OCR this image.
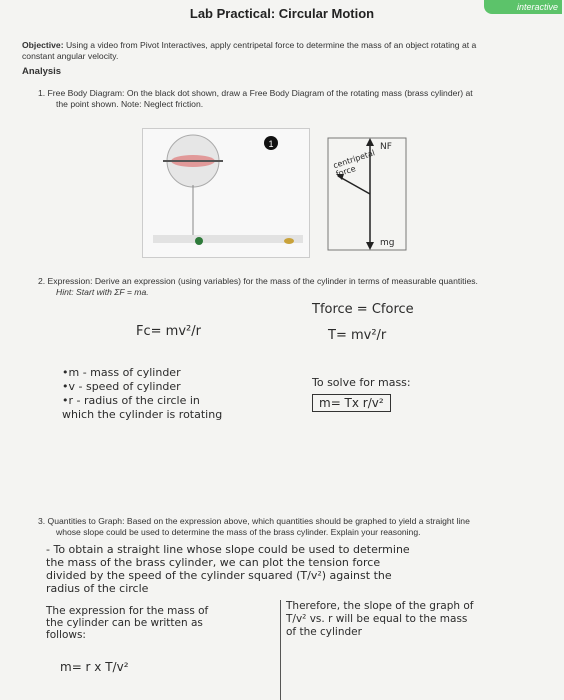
Lab Practical: Circular Motion	interactive
Objective: Using a video from Pivot Interactives, apply centripetal force to determine the mass of an object rotating at a
constant angular velocity.
Analysis
1. Free Body Diagram: On the black dot shown, draw a Free Body Diagram of the rotating mass (brass cylinder) at
the point shown. Note: Neglect friction.
1
centripetal force
NF
mg
2. Expression: Derive an expression (using variables) for the mass of the cylinder in terms of measurable quantities.
Hint: Start with ΣF = ma.
Tforce = Cforce
T= mv²/r
Fc= mv²/r
•m - mass of cylinder
•v - speed of cylinder
•r - radius of the circle in
which the cylinder is rotating
To solve for mass:
m= Tx r/v²
3. Quantities to Graph: Based on the expression above, which quantities should be graphed to yield a straight line
whose slope could be used to determine the mass of the brass cylinder. Explain your reasoning.
- To obtain a straight line whose slope could be used to determine
the mass of the brass cylinder, we can plot the tension force
divided by the speed of the cylinder squared (T/v²) against the
radius of the circle
The expression for the mass of
the cylinder can be written as
follows:
Therefore, the slope of the graph of
T/v² vs. r will be equal to the mass
of the cylinder
m= r x T/v²
